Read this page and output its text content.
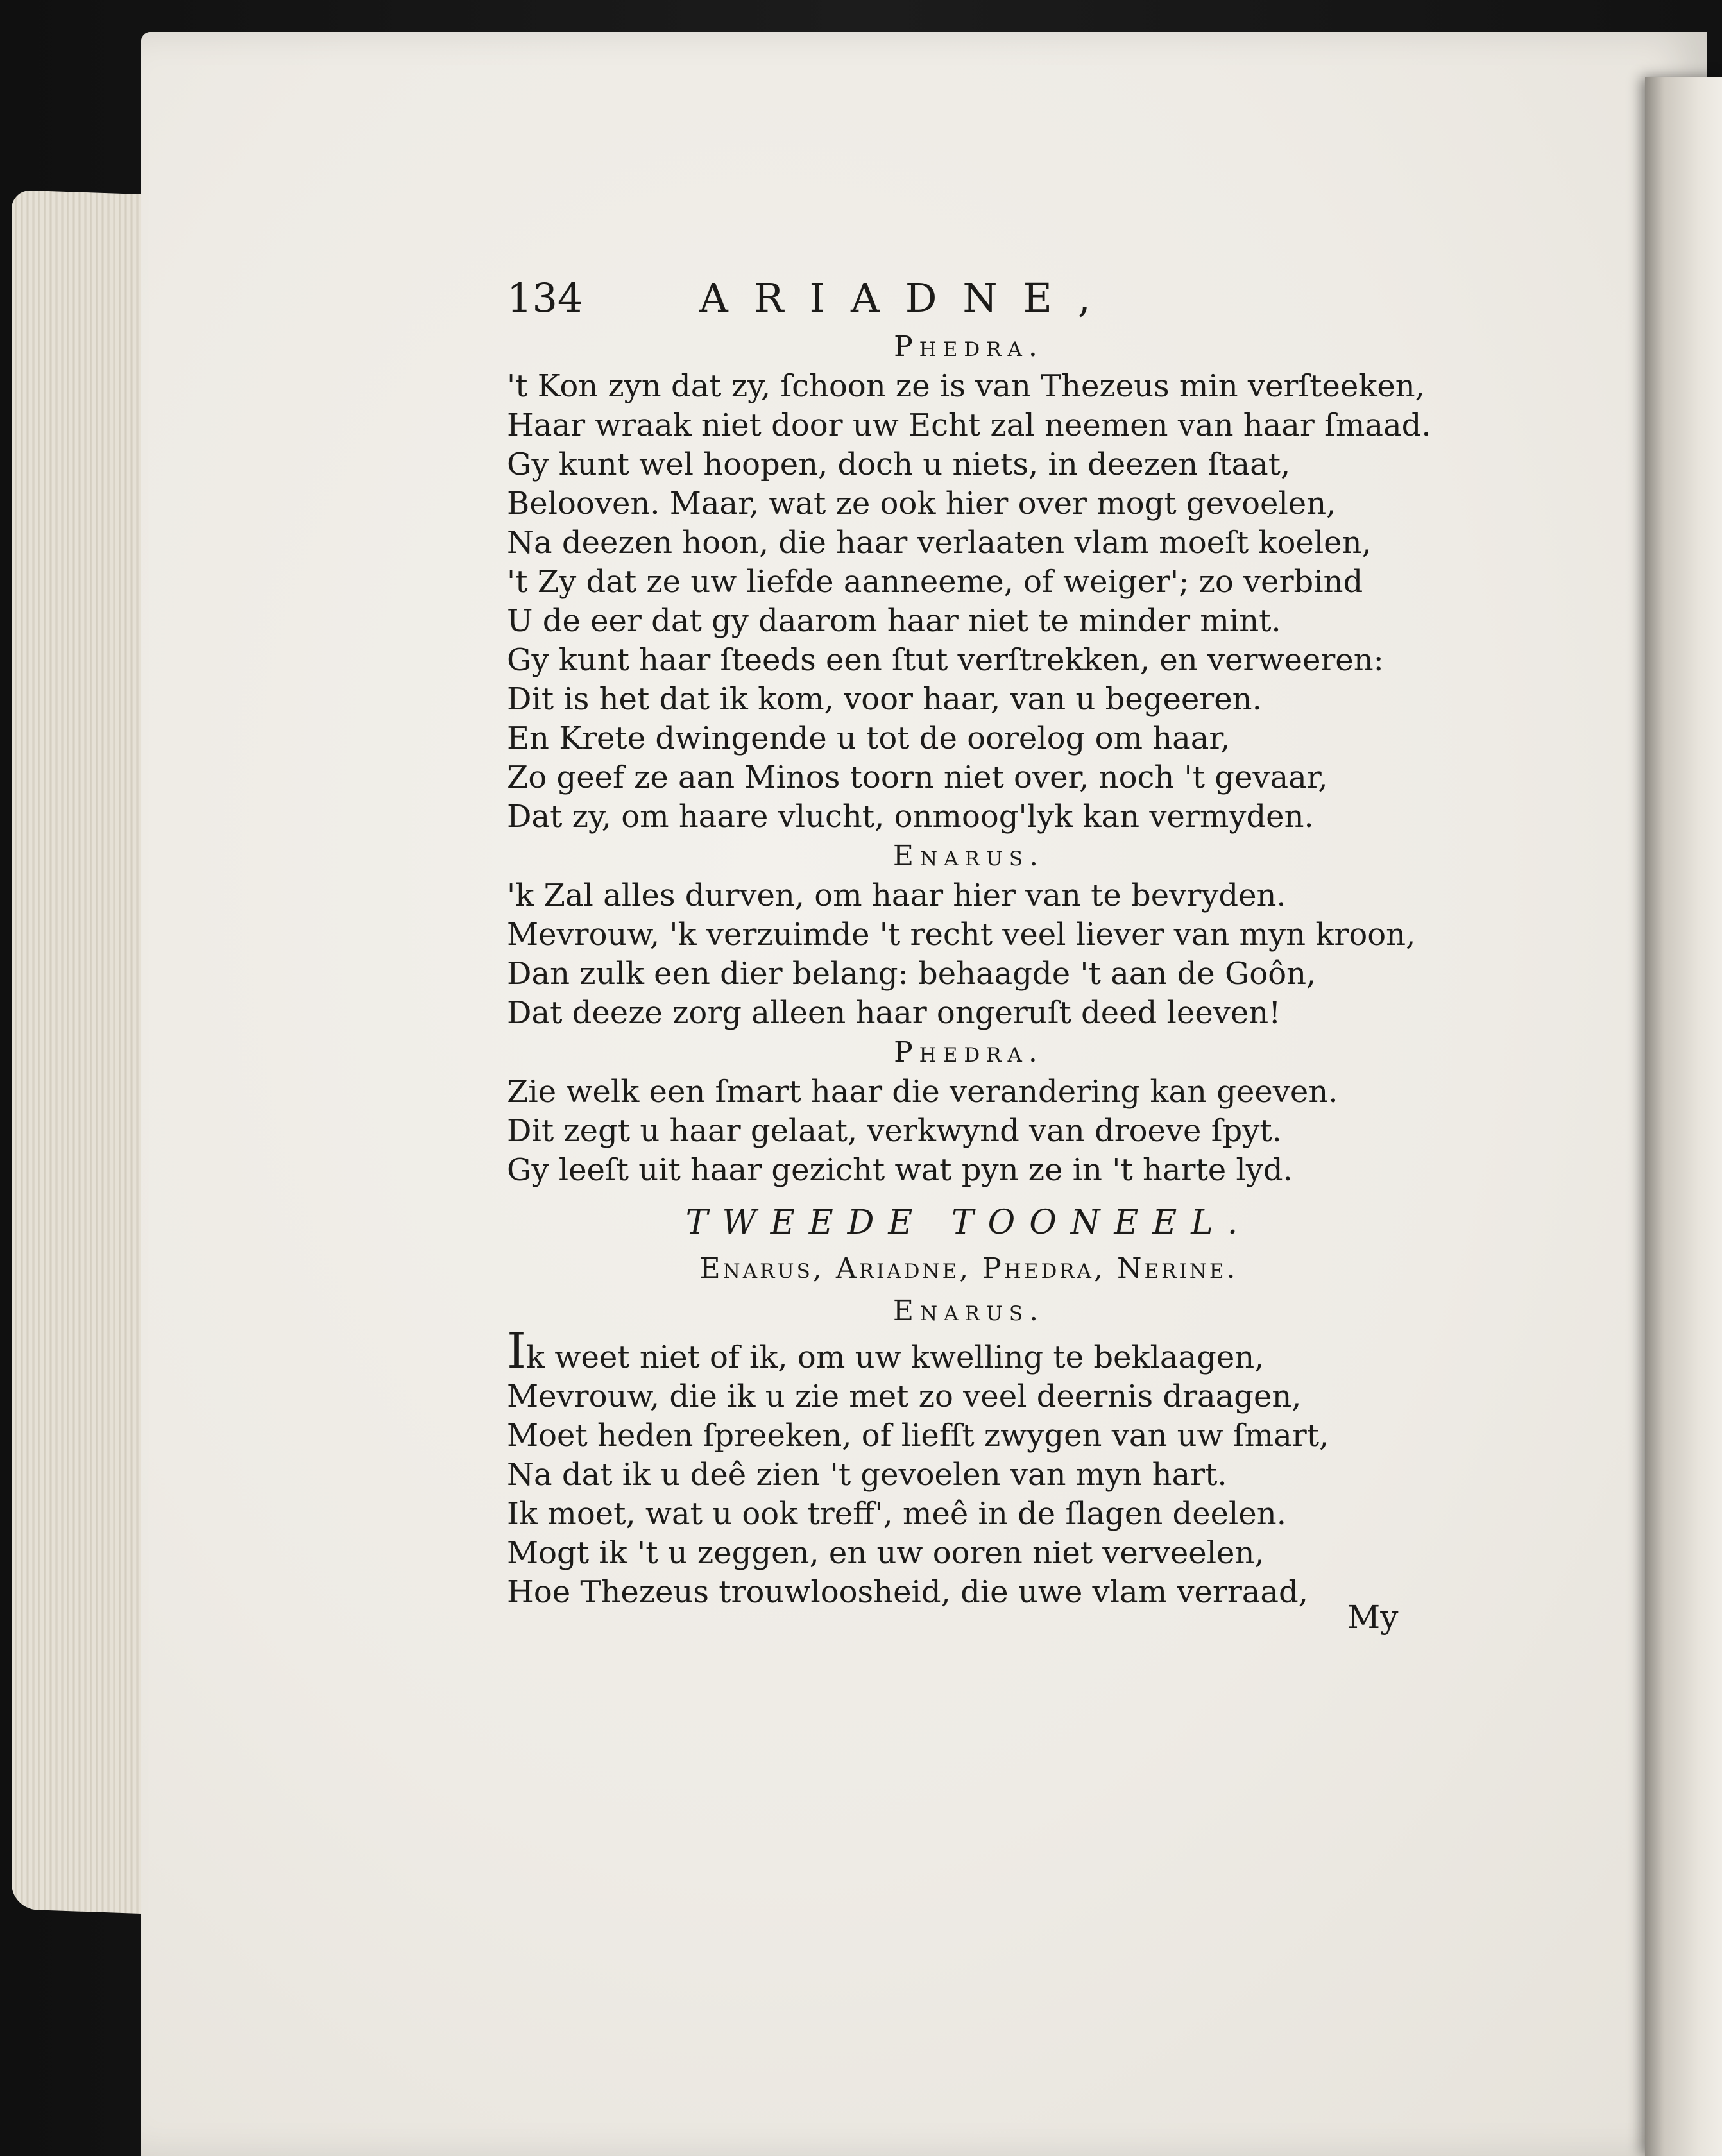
134	ARIADNE,
Phedra.
't Kon zyn dat zy, ſchoon ze is van Thezeus min verſteeken,
Haar wraak niet door uw Echt zal neemen van haar ſmaad.
Gy kunt wel hoopen, doch u niets, in deezen ſtaat,
Belooven. Maar, wat ze ook hier over mogt gevoelen,
Na deezen hoon, die haar verlaaten vlam moeſt koelen,
't Zy dat ze uw liefde aanneeme, of weiger'; zo verbind
U de eer dat gy daarom haar niet te minder mint.
Gy kunt haar ſteeds een ſtut verſtrekken, en verweeren:
Dit is het dat ik kom, voor haar, van u begeeren.
En Krete dwingende u tot de oorelog om haar,
Zo geef ze aan Minos toorn niet over, noch 't gevaar,
Dat zy, om haare vlucht, onmoog'lyk kan vermyden.
Enarus.
'k Zal alles durven, om haar hier van te bevryden.
Mevrouw, 'k verzuimde 't recht veel liever van myn kroon,
Dan zulk een dier belang: behaagde 't aan de Goôn,
Dat deeze zorg alleen haar ongeruſt deed leeven!
Phedra.
Zie welk een ſmart haar die verandering kan geeven.
Dit zegt u haar gelaat, verkwynd van droeve ſpyt.
Gy leeſt uit haar gezicht wat pyn ze in 't harte lyd.
TWEEDE TOONEEL.
Enarus, Ariadne, Phedra, Nerine.
Enarus.
Ik weet niet of ik, om uw kwelling te beklaagen,
Mevrouw, die ik u zie met zo veel deernis draagen,
Moet heden ſpreeken, of liefſt zwygen van uw ſmart,
Na dat ik u deê zien 't gevoelen van myn hart.
Ik moet, wat u ook treff', meê in de ſlagen deelen.
Mogt ik 't u zeggen, en uw ooren niet verveelen,
Hoe Thezeus trouwloosheid, die uwe vlam verraad,
My
